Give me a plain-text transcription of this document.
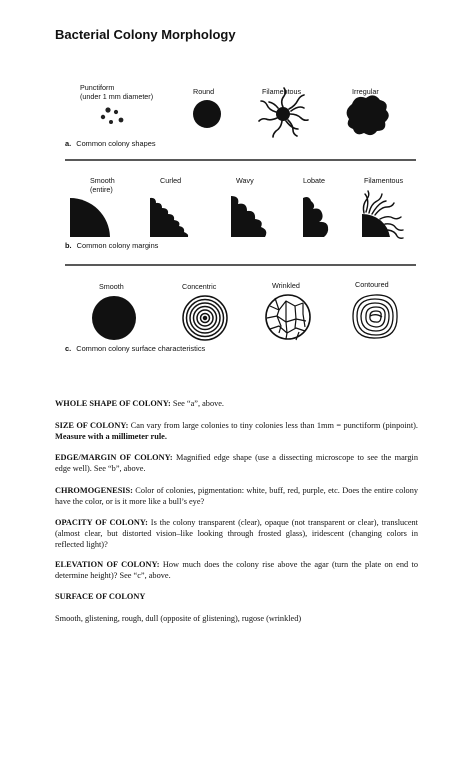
Bacterial Colony Morphology
Punctiform
(under 1 mm diameter)
Round	Filamentous	Irregular
a. Common colony shapes
Smooth
(entire)
Curled	Wavy	Lobate	Filamentous
b. Common colony margins
Smooth	Concentric	Wrinkled	Contoured
c. Common colony surface characteristics

WHOLE SHAPE OF COLONY: See “a”, above.

SIZE OF COLONY: Can vary from large colonies to tiny colonies less than 1mm = punctiform (pinpoint). Measure with a millimeter rule.

EDGE/MARGIN OF COLONY: Magnified edge shape (use a dissecting microscope to see the margin edge well). See “b”, above.

CHROMOGENESIS: Color of colonies, pigmentation: white, buff, red, purple, etc. Does the entire colony have the color, or is it more like a bull’s eye?

OPACITY OF COLONY: Is the colony transparent (clear), opaque (not transparent or clear), translucent (almost clear, but distorted vision–like looking through frosted glass), iridescent (changing colors in reflected light)?

ELEVATION OF COLONY: How much does the colony rise above the agar (turn the plate on end to determine height)? See “c”, above.

SURFACE OF COLONY

Smooth, glistening, rough, dull (opposite of glistening), rugose (wrinkled)
